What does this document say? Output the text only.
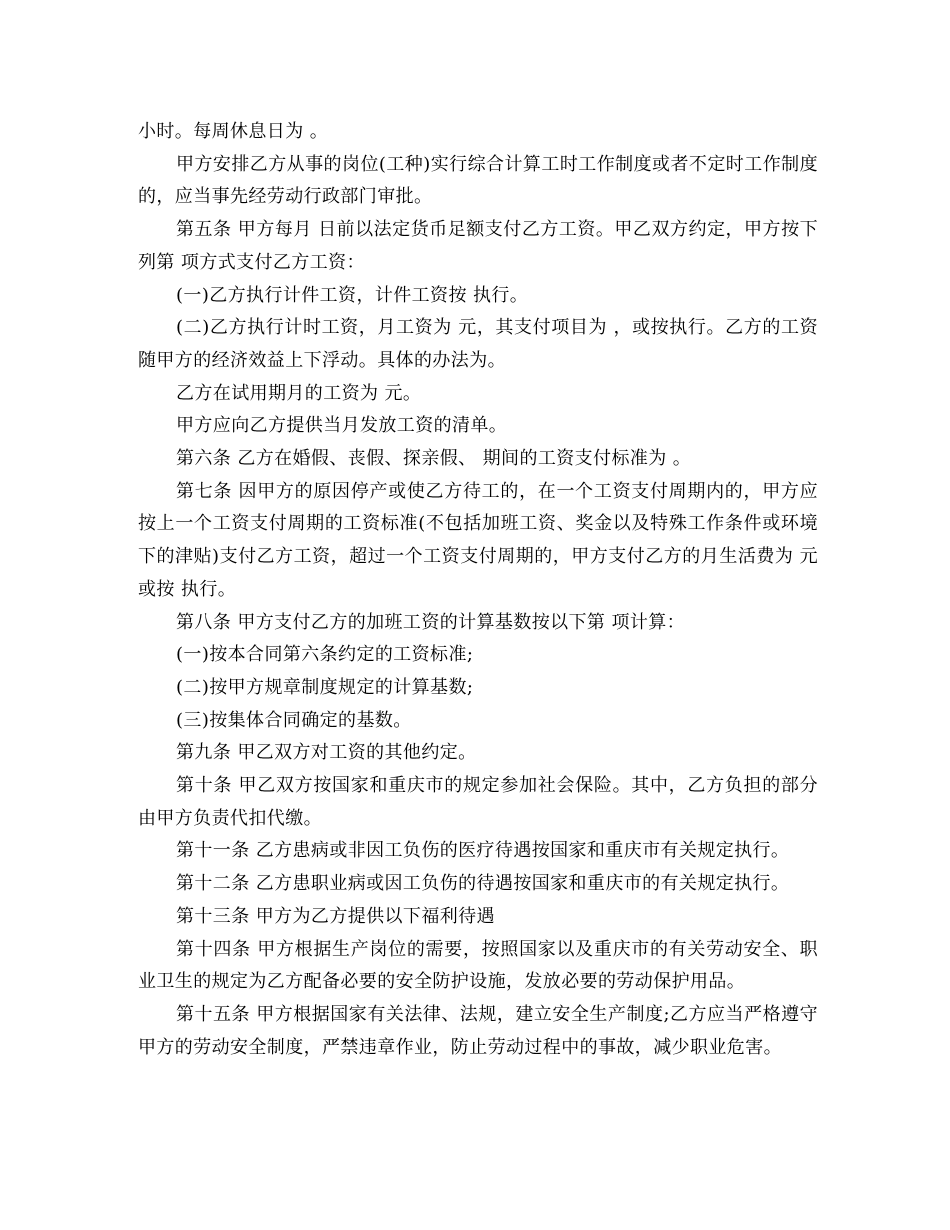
小时。每周休息日为 。

甲方安排乙方从事的岗位(工种)实行综合计算工时工作制度或者不定时工作制度的，应当事先经劳动行政部门审批。

第五条 甲方每月 日前以法定货币足额支付乙方工资。甲乙双方约定，甲方按下列第 项方式支付乙方工资：

(一)乙方执行计件工资，计件工资按 执行。

(二)乙方执行计时工资，月工资为 元，其支付项目为 ，或按执行。乙方的工资随甲方的经济效益上下浮动。具体的办法为。

乙方在试用期月的工资为 元。

甲方应向乙方提供当月发放工资的清单。

第六条 乙方在婚假、丧假、探亲假、 期间的工资支付标准为 。

第七条 因甲方的原因停产或使乙方待工的，在一个工资支付周期内的，甲方应按上一个工资支付周期的工资标准(不包括加班工资、奖金以及特殊工作条件或环境下的津贴)支付乙方工资，超过一个工资支付周期的，甲方支付乙方的月生活费为 元或按 执行。

第八条 甲方支付乙方的加班工资的计算基数按以下第 项计算：

(一)按本合同第六条约定的工资标准;

(二)按甲方规章制度规定的计算基数;

(三)按集体合同确定的基数。

第九条 甲乙双方对工资的其他约定。

第十条 甲乙双方按国家和重庆市的规定参加社会保险。其中，乙方负担的部分由甲方负责代扣代缴。

第十一条 乙方患病或非因工负伤的医疗待遇按国家和重庆市有关规定执行。

第十二条 乙方患职业病或因工负伤的待遇按国家和重庆市的有关规定执行。

第十三条 甲方为乙方提供以下福利待遇

第十四条 甲方根据生产岗位的需要，按照国家以及重庆市的有关劳动安全、职业卫生的规定为乙方配备必要的安全防护设施，发放必要的劳动保护用品。

第十五条 甲方根据国家有关法律、法规，建立安全生产制度;乙方应当严格遵守甲方的劳动安全制度，严禁违章作业，防止劳动过程中的事故，减少职业危害。
